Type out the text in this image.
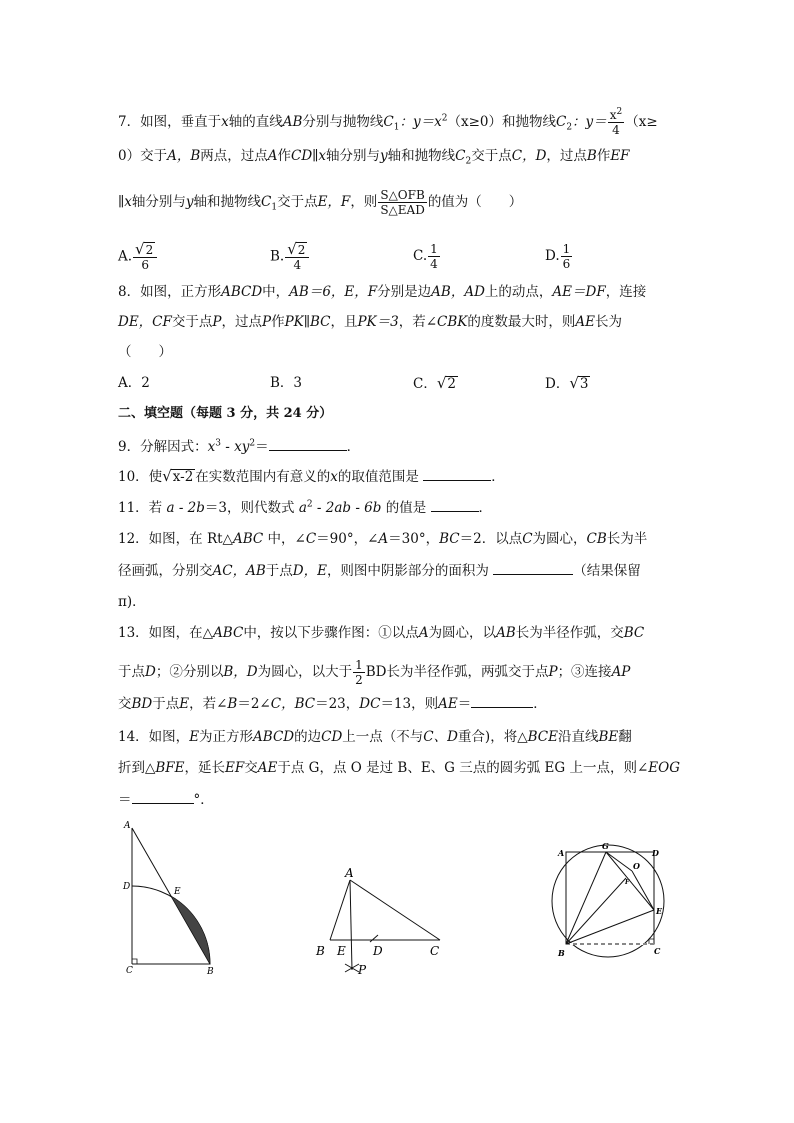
7．如图，垂直于x轴的直线AB分别与抛物线$C_1$：$y=x^2(x\ge 0)$和抛物线$C_2$：$y= \frac{x^2}{4} (x\ge$
0）交于A，B两点，过点A作CD∥x轴分别与y轴和抛物线$C_2$交于点C，D，过点B作EF
∥x轴分别与y轴和抛物线$C_1$交于点E，F，则 $\frac{\text{S△OFB}}{\text{S△EAD}}$ 的值为（　　）
A. $\frac{√2}{6}$	B. $\frac{√2}{4}$	C. $\frac{1}{4}$	D. $\frac{1}{6}$
8．如图，正方形ABCD中，AB＝6，E，F分别是边AB，AD上的动点，AE＝DF，连接
DE，CF交于点P，过点P作PK∥BC，且PK＝3，若∠CBK的度数最大时，则AE长为
（　　）
A．2	B．3	C．√2	D．√3
二、填空题（每题 3 分，共 24 分）
9．分解因式：$x^3 - xy^2=$	．
10．使√x-2 在实数范围内有意义的x的取值范围是	．
11．若 a - 2b＝3，则代数式 $a^2 - 2ab - 6b$ 的值是	．
12．如图，在 Rt△ABC 中，∠C＝90°，∠A＝30°，BC＝2．以点C为圆心，CB长为半
径画弧，分别交AC，AB于点D，E，则图中阴影部分的面积为	（结果保留
π)．
13．如图，在△ABC中，按以下步骤作图：①以点A为圆心，以AB长为半径作弧，交BC
于点D；②分别以B，D为圆心，以大于 $\frac{1}{2}$ BD长为半径作弧，两弧交于点P；③连接AP
交BD于点E，若∠B＝2∠C，BC＝23，DC＝13，则AE＝	．
14．如图，E为正方形ABCD的边CD上一点（不与C、D重合)，将△BCE沿直线BE翻
折到△BFE，延长EF交AE于点 G，点 O 是过 B、E、G 三点的圆劣弧 EG 上一点，则∠EOG
＝	°．
A
D	E
C	B
A
B E D	C
P
A
G
D
O
F
E
B	C
